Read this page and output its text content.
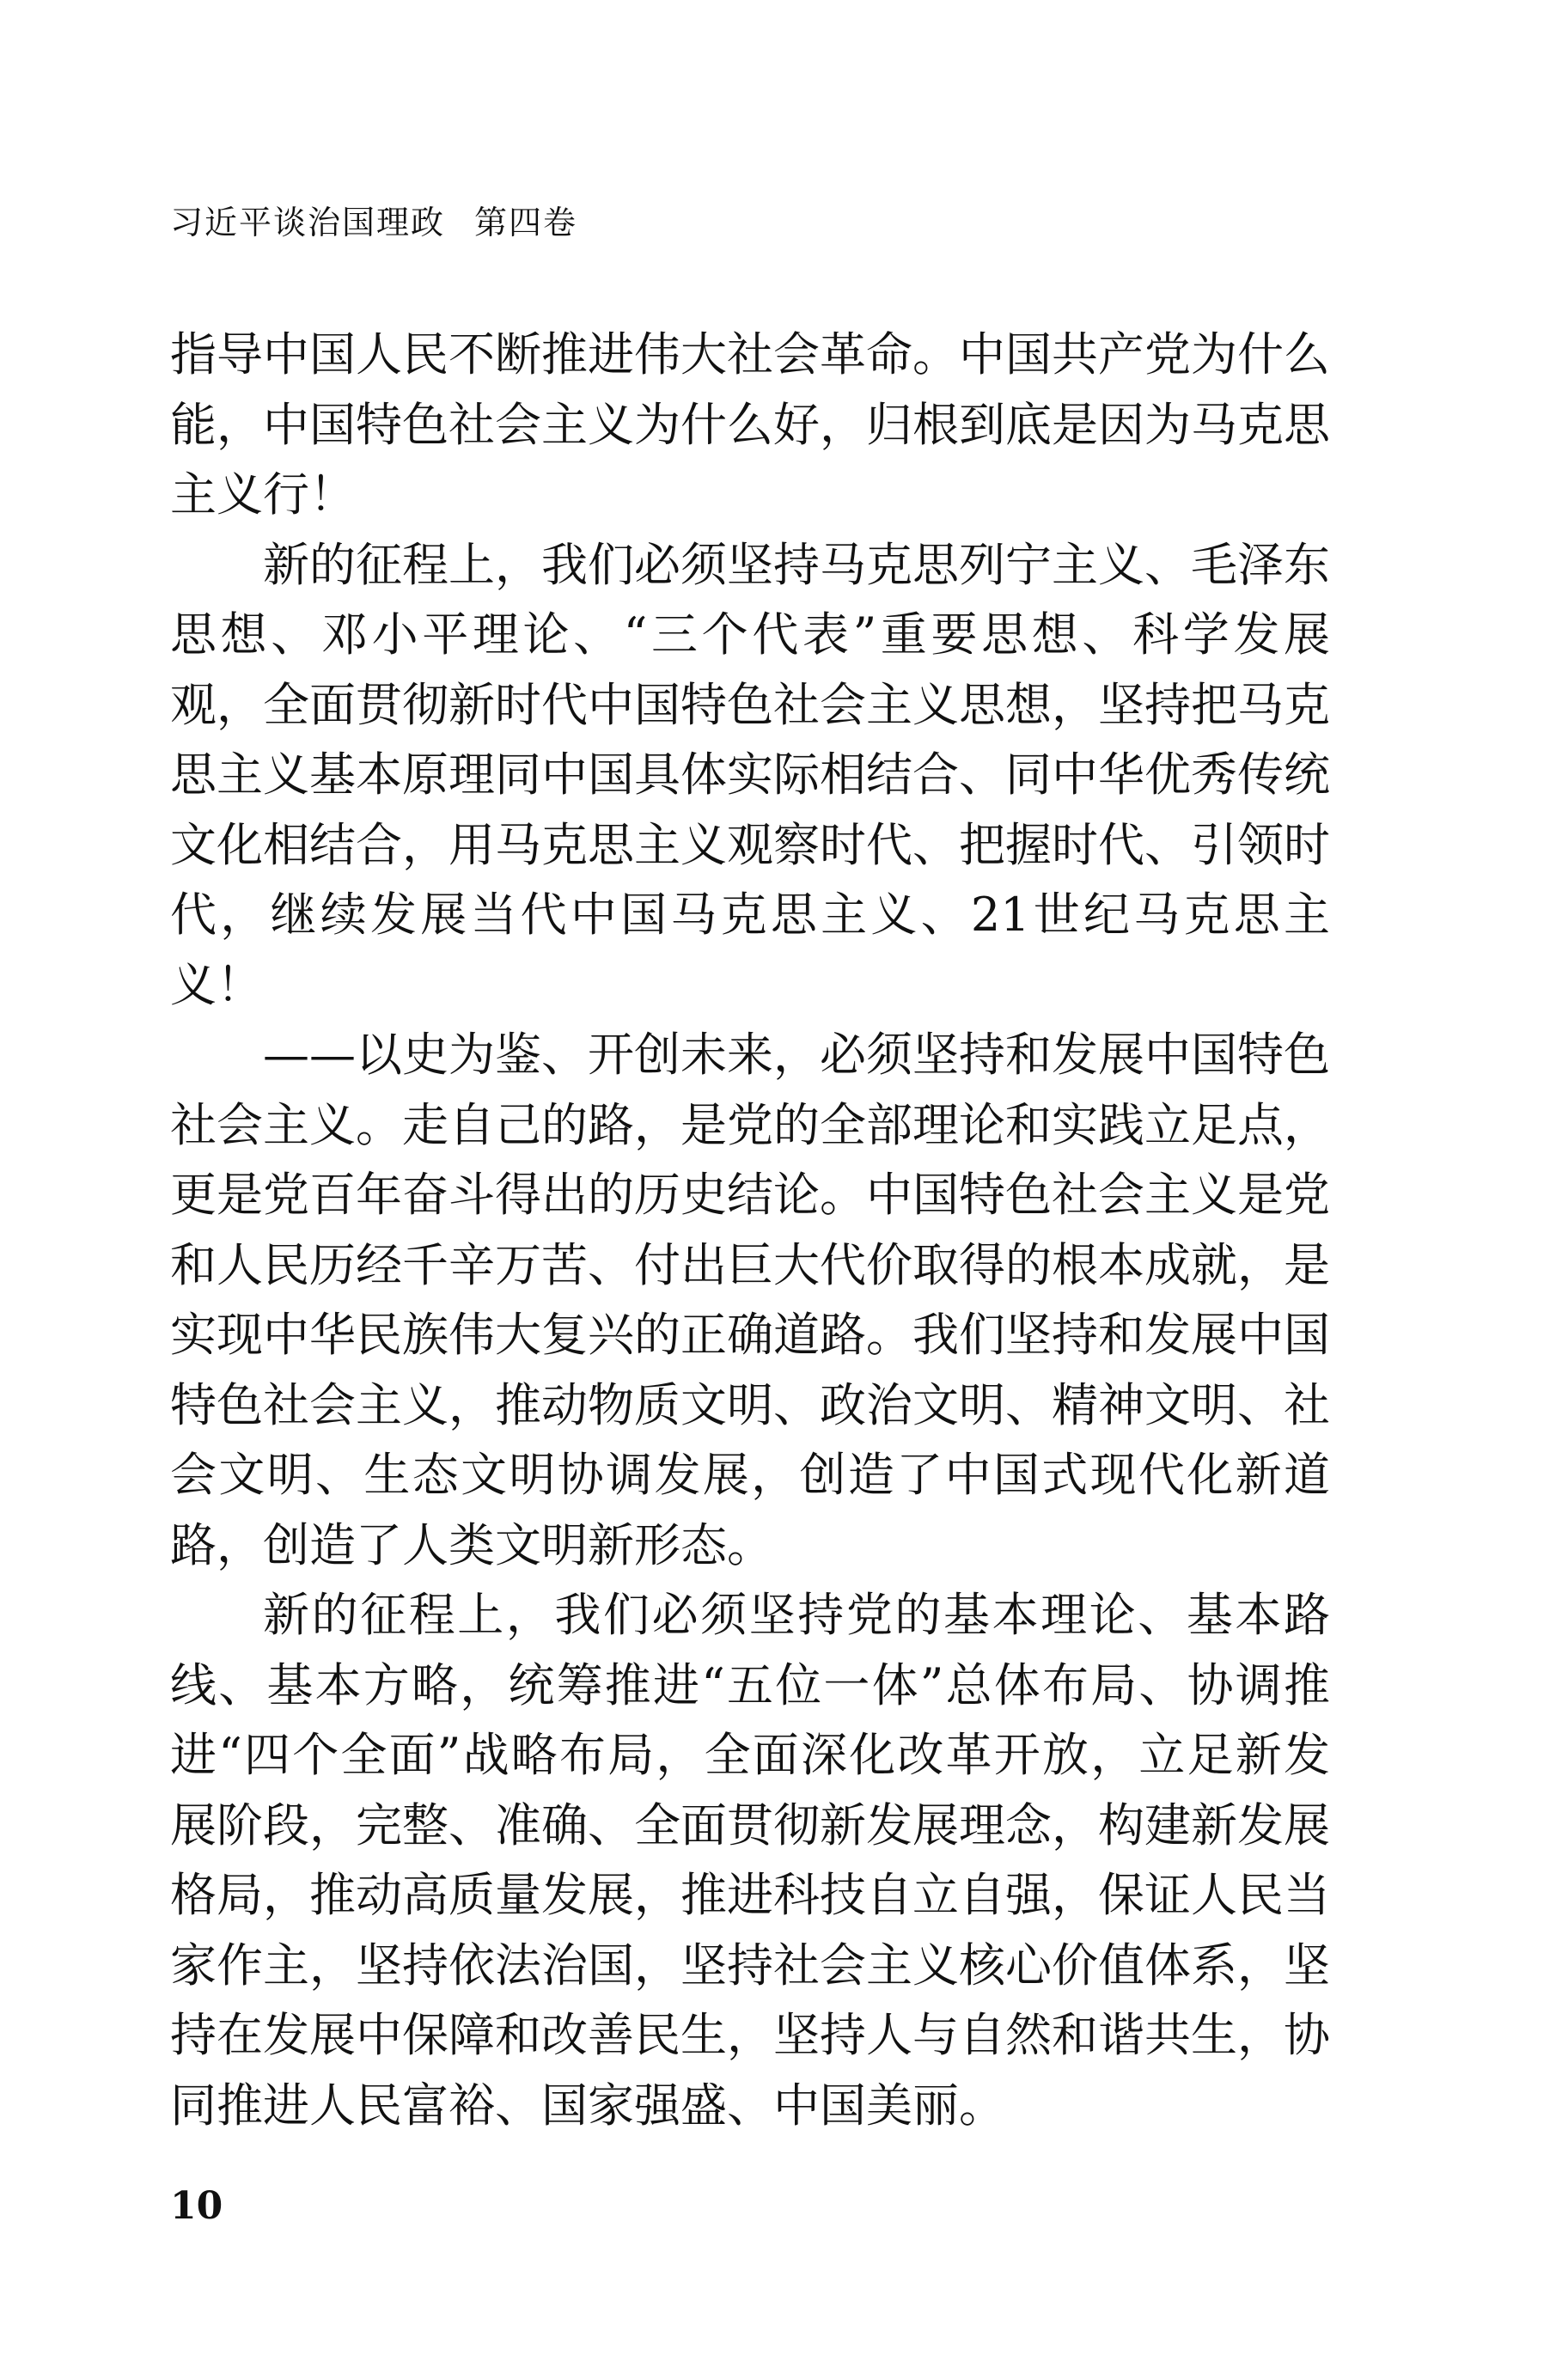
习近平谈治国理政 第四卷

指导中国人民不断推进伟大社会革命。中国共产党为什么能，中国特色社会主义为什么好，归根到底是因为马克思主义行！

新的征程上，我们必须坚持马克思列宁主义、毛泽东思想、邓小平理论、“三个代表”重要思想、科学发展观，全面贯彻新时代中国特色社会主义思想，坚持把马克思主义基本原理同中国具体实际相结合、同中华优秀传统文化相结合，用马克思主义观察时代、把握时代、引领时代，继续发展当代中国马克思主义、21世纪马克思主义！

——以史为鉴、开创未来，必须坚持和发展中国特色社会主义。走自己的路，是党的全部理论和实践立足点，更是党百年奋斗得出的历史结论。中国特色社会主义是党和人民历经千辛万苦、付出巨大代价取得的根本成就，是实现中华民族伟大复兴的正确道路。我们坚持和发展中国特色社会主义，推动物质文明、政治文明、精神文明、社会文明、生态文明协调发展，创造了中国式现代化新道路，创造了人类文明新形态。

新的征程上，我们必须坚持党的基本理论、基本路线、基本方略，统筹推进“五位一体”总体布局、协调推进“四个全面”战略布局，全面深化改革开放，立足新发展阶段，完整、准确、全面贯彻新发展理念，构建新发展格局，推动高质量发展，推进科技自立自强，保证人民当家作主，坚持依法治国，坚持社会主义核心价值体系，坚持在发展中保障和改善民生，坚持人与自然和谐共生，协同推进人民富裕、国家强盛、中国美丽。

10
